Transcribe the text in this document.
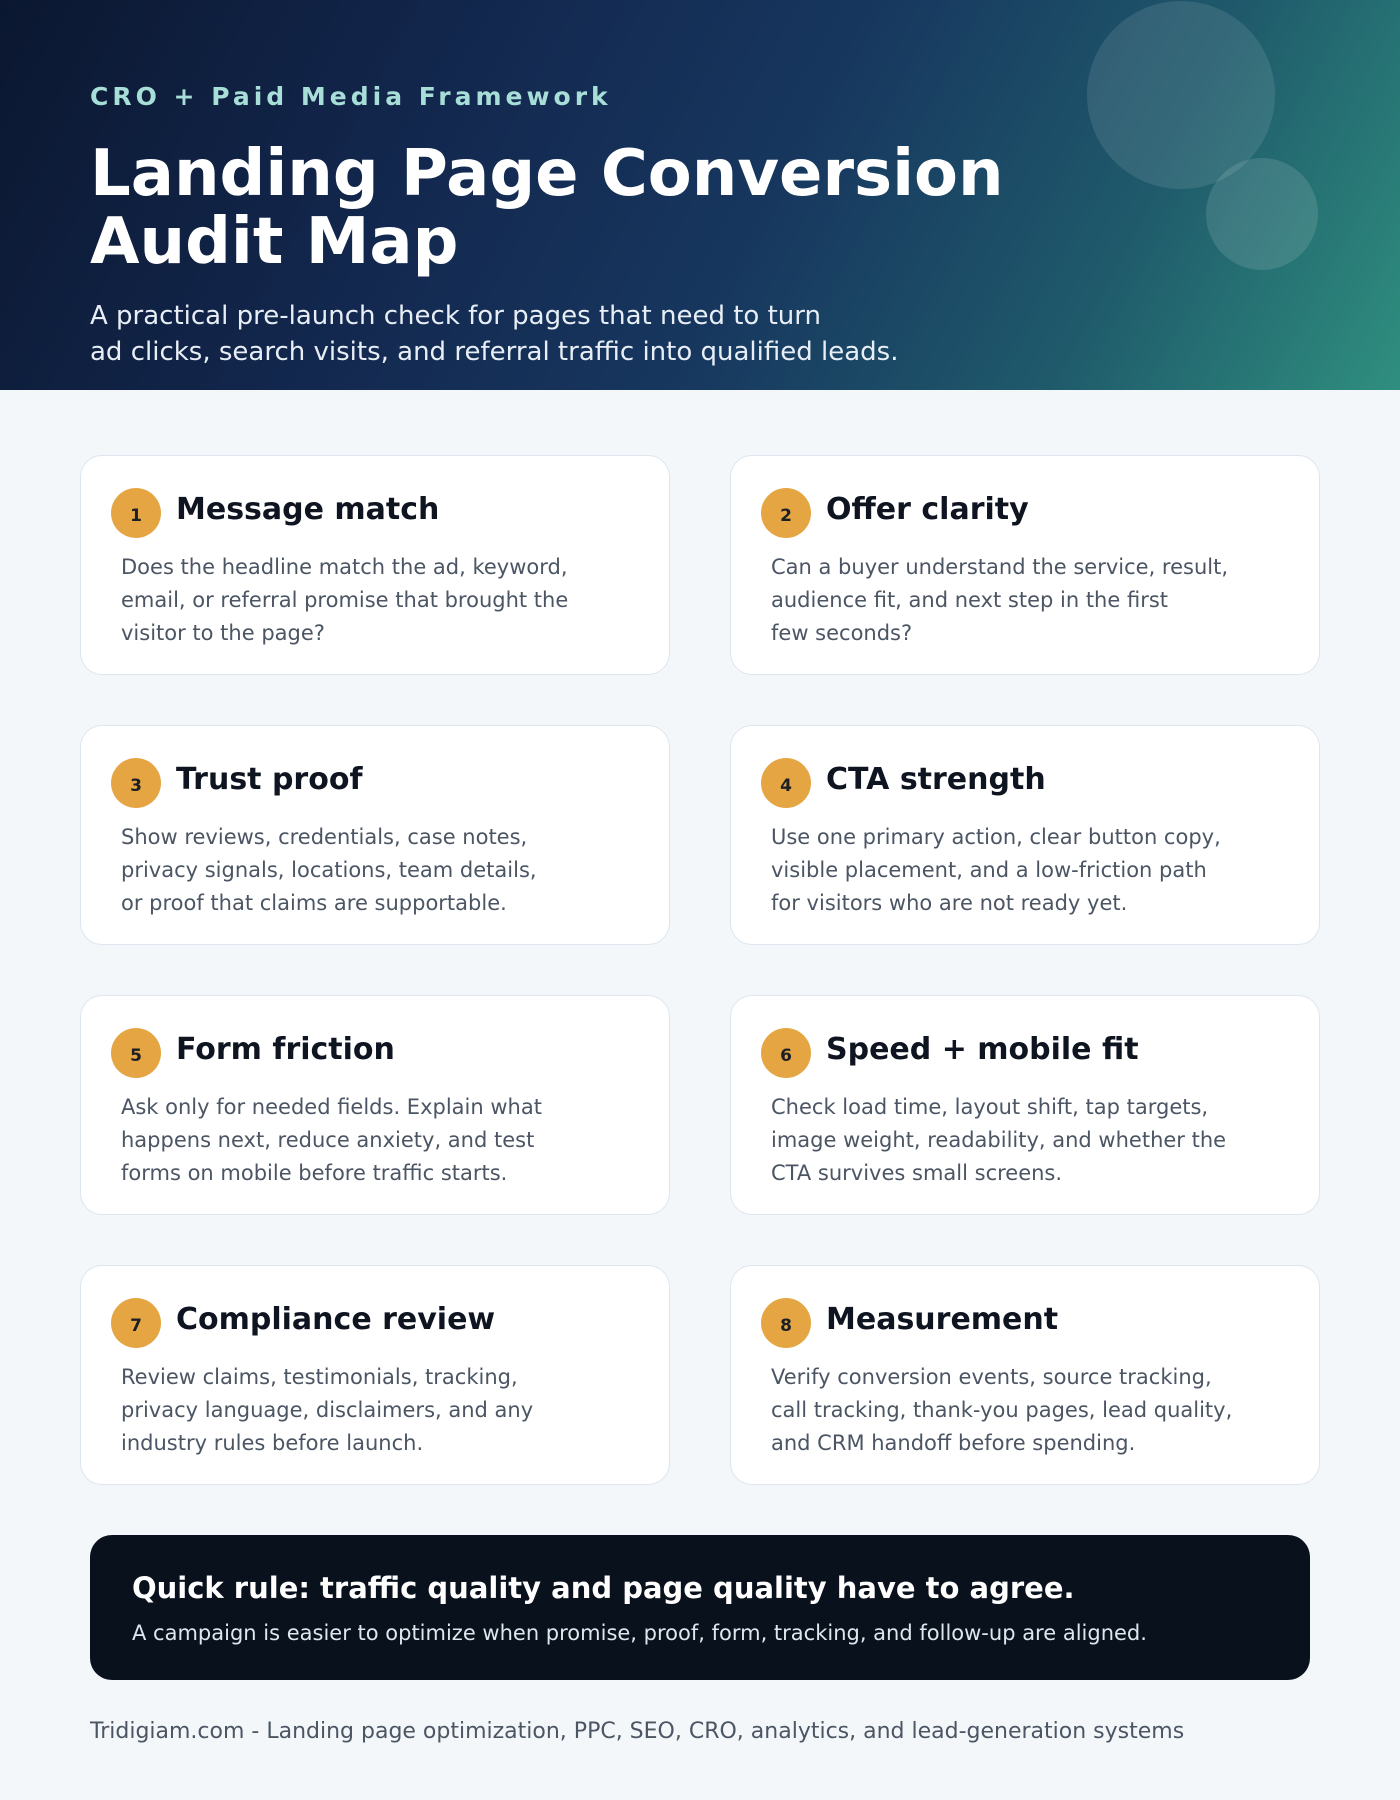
CRO + Paid Media Framework
Landing Page Conversion
Audit Map

A practical pre-launch check for pages that need to turn
ad clicks, search visits, and referral traffic into qualified leads.

1	Message match
Does the headline match the ad, keyword,
email, or referral promise that brought the
visitor to the page?
2	Offer clarity
Can a buyer understand the service, result,
audience fit, and next step in the first
few seconds?
3	Trust proof
Show reviews, credentials, case notes,
privacy signals, locations, team details,
or proof that claims are supportable.
4	CTA strength
Use one primary action, clear button copy,
visible placement, and a low-friction path
for visitors who are not ready yet.
5	Form friction
Ask only for needed fields. Explain what
happens next, reduce anxiety, and test
forms on mobile before traffic starts.
6	Speed + mobile fit
Check load time, layout shift, tap targets,
image weight, readability, and whether the
CTA survives small screens.
7	Compliance review
Review claims, testimonials, tracking,
privacy language, disclaimers, and any
industry rules before launch.
8	Measurement
Verify conversion events, source tracking,
call tracking, thank-you pages, lead quality,
and CRM handoff before spending.
Quick rule: traffic quality and page quality have to agree.
A campaign is easier to optimize when promise, proof, form, tracking, and follow-up are aligned.
Tridigiam.com - Landing page optimization, PPC, SEO, CRO, analytics, and lead-generation systems
